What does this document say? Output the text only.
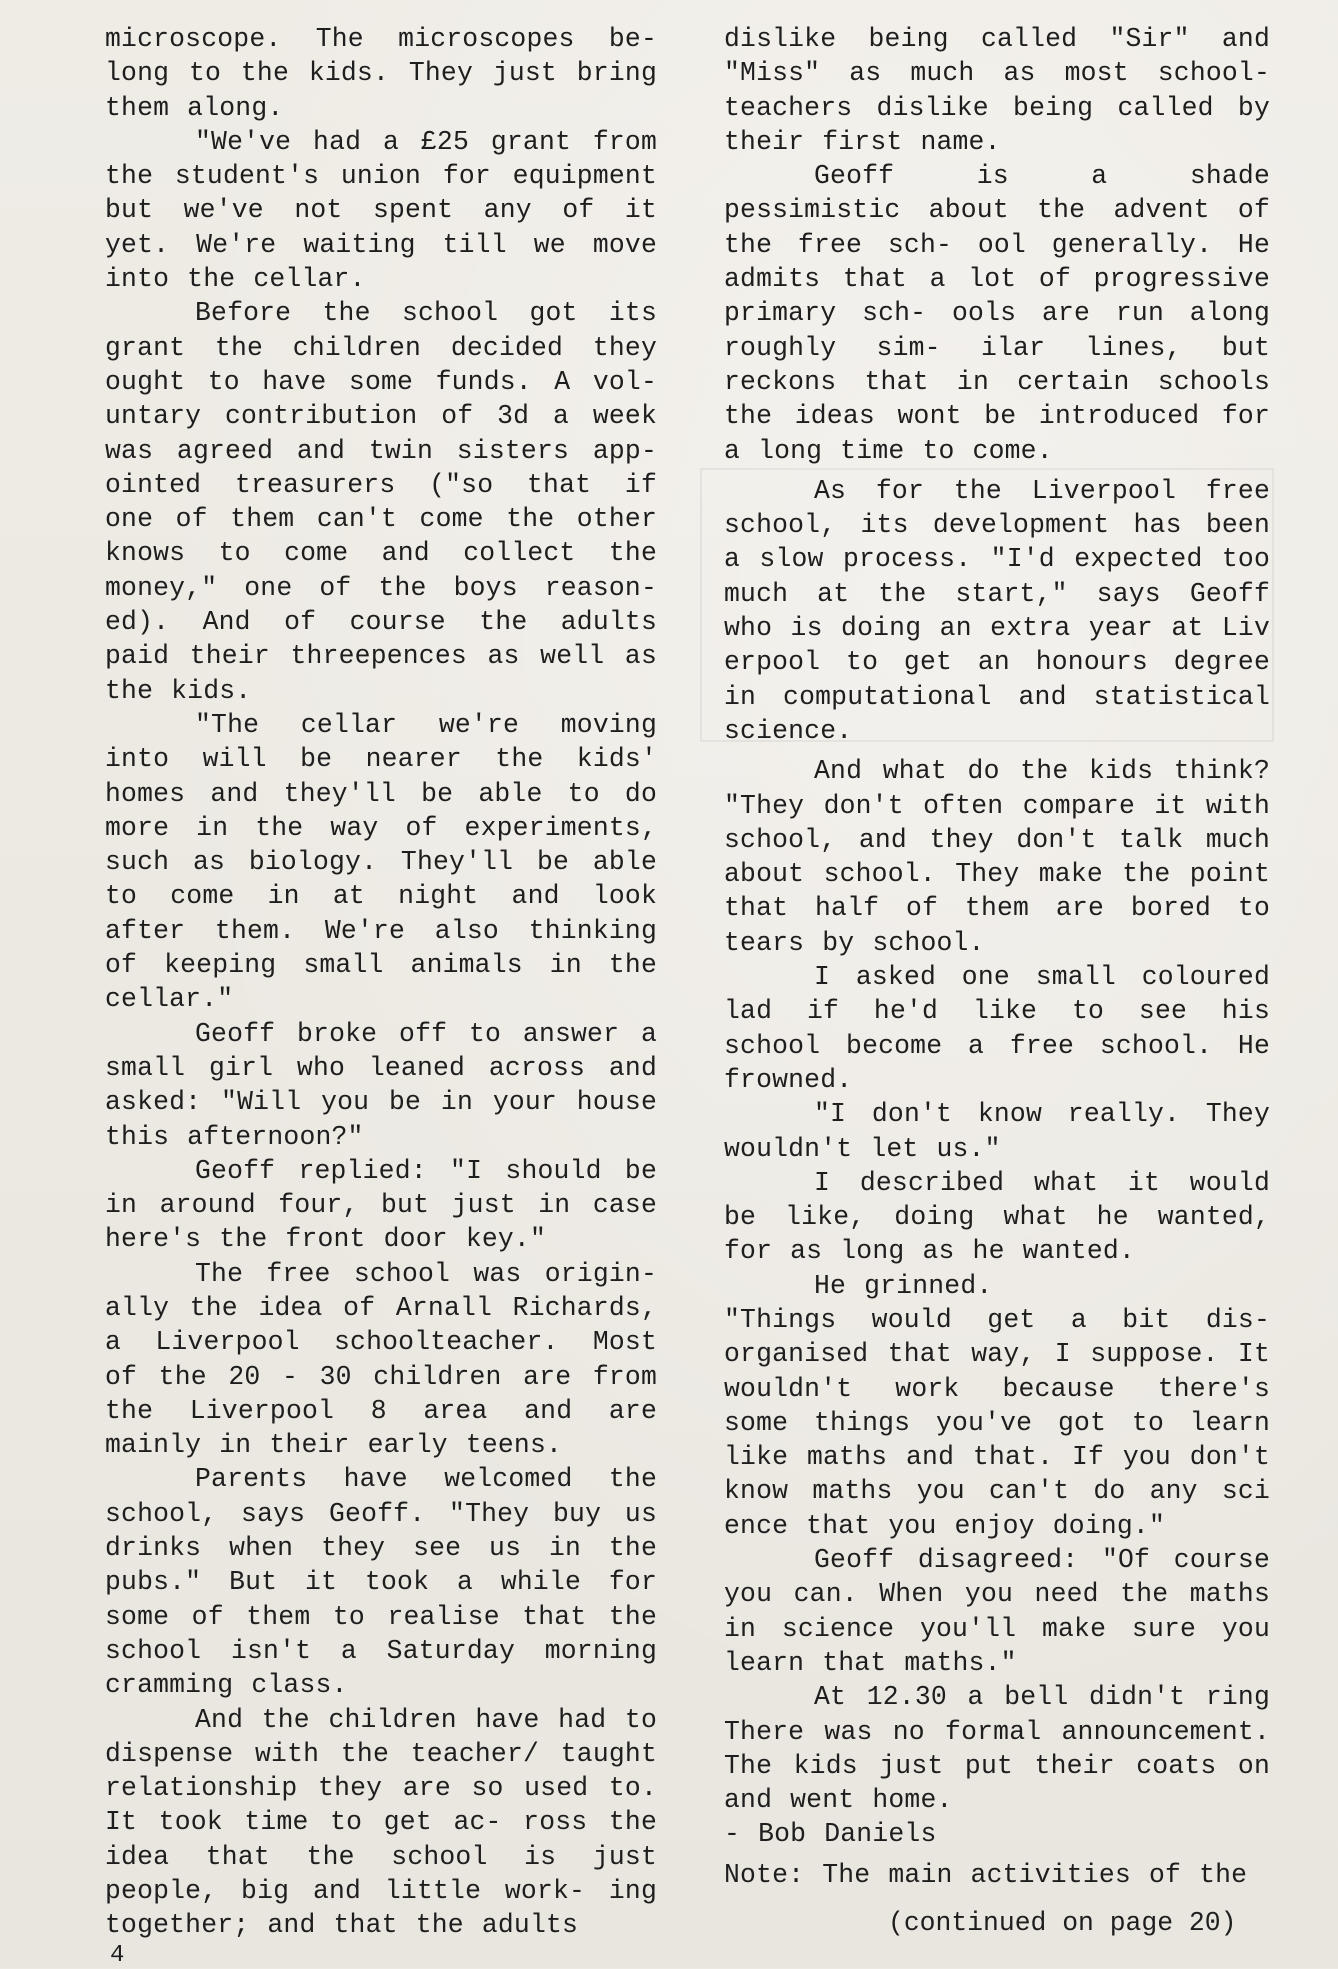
microscope. The microscopes be- long to the kids. They just bring them along.

"We've had a £25 grant from the student's union for equipment but we've not spent any of it yet. We're waiting till we move into the cellar.

Before the school got its grant the children decided they ought to have some funds. A vol- untary contribution of 3d a week was agreed and twin sisters app- ointed treasurers ("so that if one of them can't come the other knows to come and collect the money," one of the boys reason- ed). And of course the adults paid their threepences as well as the kids.

"The cellar we're moving into will be nearer the kids' homes and they'll be able to do more in the way of experiments, such as biology. They'll be able to come in at night and look after them. We're also thinking of keeping small animals in the cellar."

Geoff broke off to answer a small girl who leaned across and asked: "Will you be in your house this afternoon?"

Geoff replied: "I should be in around four, but just in case here's the front door key."

The free school was origin- ally the idea of Arnall Richards, a Liverpool schoolteacher. Most of the 20 - 30 children are from the Liverpool 8 area and are mainly in their early teens.

Parents have welcomed the school, says Geoff. "They buy us drinks when they see us in the pubs." But it took a while for some of them to realise that the school isn't a Saturday morning cramming class.

And the children have had to dispense with the teacher/ taught relationship they are so used to. It took time to get ac- ross the idea that the school is just people, big and little work- ing together; and that the adults

dislike being called "Sir" and "Miss" as much as most school- teachers dislike being called by their first name.

Geoff is a shade pessimistic about the advent of the free sch- ool generally. He admits that a lot of progressive primary sch- ools are run along roughly sim- ilar lines, but reckons that in certain schools the ideas wont be introduced for a long time to come.

As for the Liverpool free school, its development has been a slow process. "I'd expected too much at the start," says Geoff who is doing an extra year at Liv erpool to get an honours degree in computational and statistical science.

And what do the kids think? "They don't often compare it with school, and they don't talk much about school. They make the point that half of them are bored to tears by school.

I asked one small coloured lad if he'd like to see his school become a free school. He frowned.

"I don't know really. They wouldn't let us."

I described what it would be like, doing what he wanted, for as long as he wanted.

He grinned.

"Things would get a bit dis- organised that way, I suppose. It wouldn't work because there's some things you've got to learn like maths and that. If you don't know maths you can't do any sci ence that you enjoy doing."

Geoff disagreed: "Of course you can. When you need the maths in science you'll make sure you learn that maths."

At 12.30 a bell didn't ring There was no formal announcement. The kids just put their coats on and went home.

- Bob Daniels

Note: The main activities of the

(continued on page 20)
4
